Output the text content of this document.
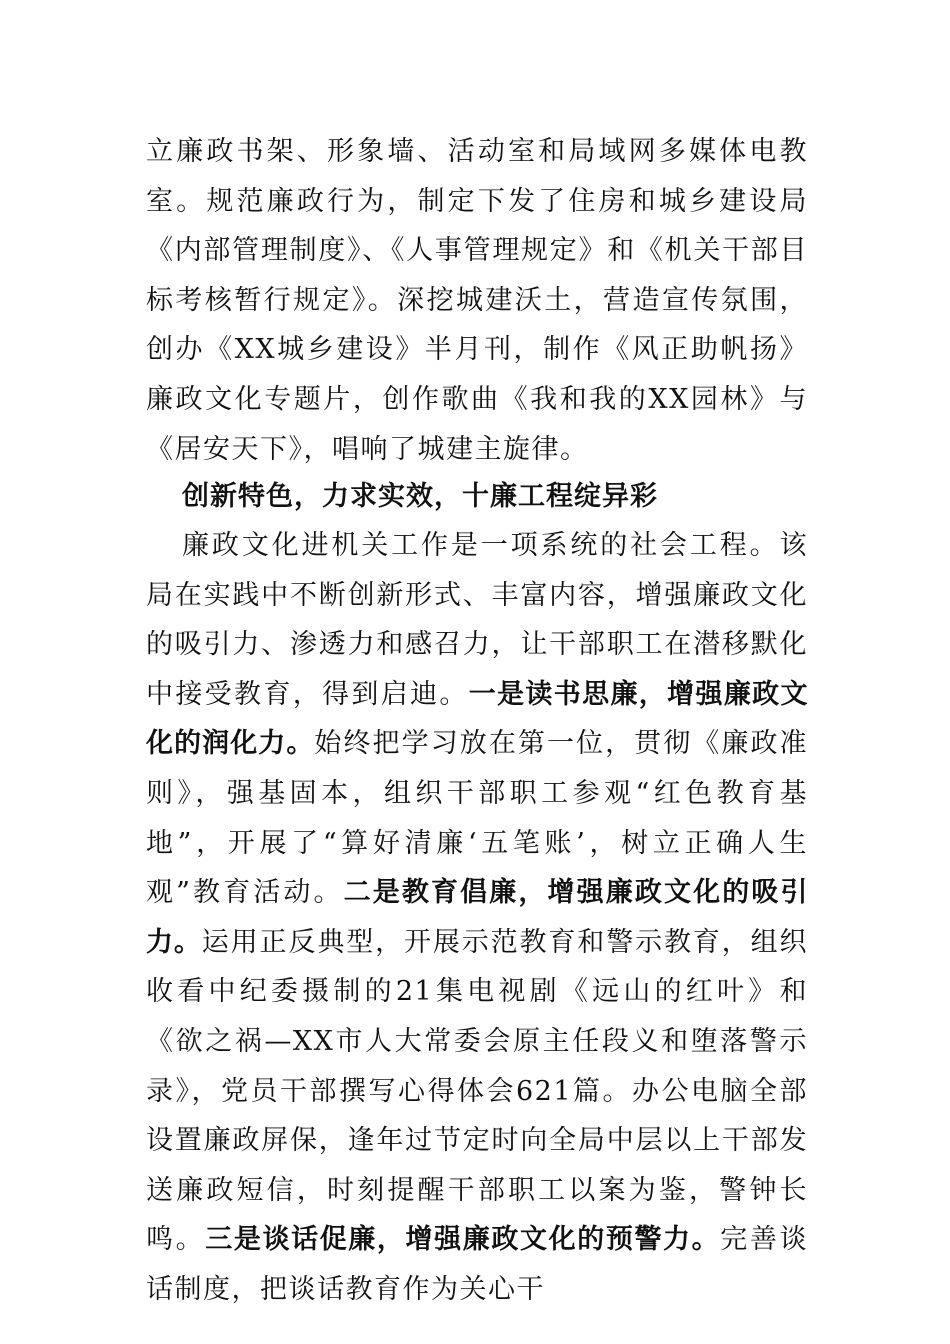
立廉政书架、形象墙、活动室和局域网多媒体电教室。规范廉政行为，制定下发了住房和城乡建设局《内部管理制度》、《人事管理规定》和《机关干部目标考核暂行规定》。深挖城建沃土，营造宣传氛围，创办《XX城乡建设》半月刊，制作《风正助帆扬》廉政文化专题片，创作歌曲《我和我的XX园林》与《居安天下》，唱响了城建主旋律。
创新特色，力求实效，十廉工程绽异彩
廉政文化进机关工作是一项系统的社会工程。该局在实践中不断创新形式、丰富内容，增强廉政文化的吸引力、渗透力和感召力，让干部职工在潜移默化中接受教育，得到启迪。一是读书思廉，增强廉政文化的润化力。始终把学习放在第一位，贯彻《廉政准则》，强基固本，组织干部职工参观“红色教育基地”，开展了“算好清廉‘五笔账’，树立正确人生观”教育活动。二是教育倡廉，增强廉政文化的吸引力。运用正反典型，开展示范教育和警示教育，组织收看中纪委摄制的21集电视剧《远山的红叶》和《欲之祸—XX市人大常委会原主任段义和堕落警示录》，党员干部撰写心得体会621篇。办公电脑全部设置廉政屏保，逢年过节定时向全局中层以上干部发送廉政短信，时刻提醒干部职工以案为鉴，警钟长鸣。三是谈话促廉，增强廉政文化的预警力。完善谈话制度，把谈话教育作为关心干
